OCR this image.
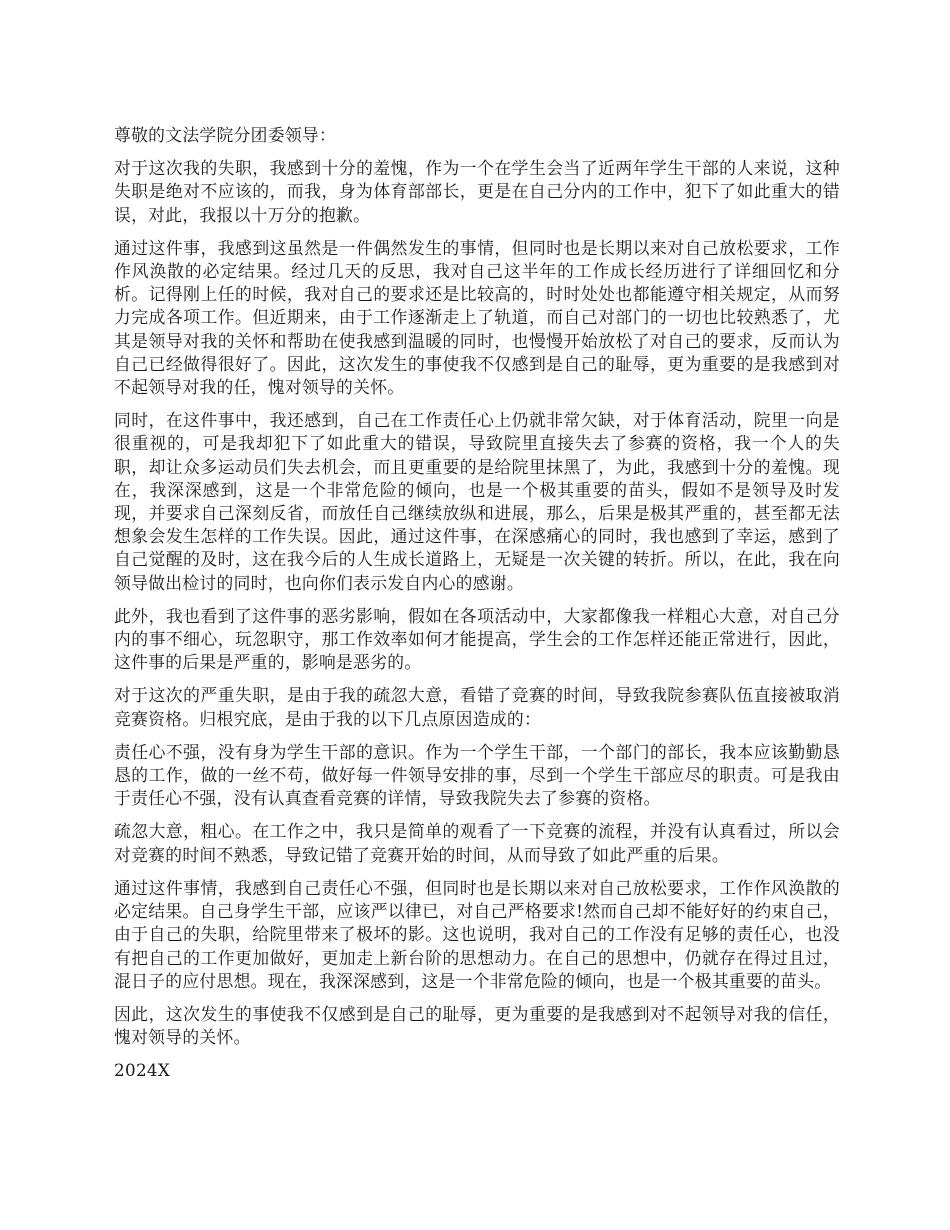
尊敬的文法学院分团委领导：

对于这次我的失职，我感到十分的羞愧，作为一个在学生会当了近两年学生干部的人来说，这种失职是绝对不应该的，而我，身为体育部部长，更是在自己分内的工作中，犯下了如此重大的错误，对此，我报以十万分的抱歉。

通过这件事，我感到这虽然是一件偶然发生的事情，但同时也是长期以来对自己放松要求，工作作风涣散的必定结果。经过几天的反思，我对自己这半年的工作成长经历进行了详细回忆和分析。记得刚上任的时候，我对自己的要求还是比较高的，时时处处也都能遵守相关规定，从而努力完成各项工作。但近期来，由于工作逐渐走上了轨道，而自己对部门的一切也比较熟悉了，尤其是领导对我的关怀和帮助在使我感到温暖的同时，也慢慢开始放松了对自己的要求，反而认为自己已经做得很好了。因此，这次发生的事使我不仅感到是自己的耻辱，更为重要的是我感到对不起领导对我的任，愧对领导的关怀。

同时，在这件事中，我还感到，自己在工作责任心上仍就非常欠缺，对于体育活动，院里一向是很重视的，可是我却犯下了如此重大的错误，导致院里直接失去了参赛的资格，我一个人的失职，却让众多运动员们失去机会，而且更重要的是给院里抹黑了，为此，我感到十分的羞愧。现在，我深深感到，这是一个非常危险的倾向，也是一个极其重要的苗头，假如不是领导及时发现，并要求自己深刻反省，而放任自己继续放纵和进展，那么，后果是极其严重的，甚至都无法想象会发生怎样的工作失误。因此，通过这件事，在深感痛心的同时，我也感到了幸运，感到了自己觉醒的及时，这在我今后的人生成长道路上，无疑是一次关键的转折。所以，在此，我在向领导做出检讨的同时，也向你们表示发自内心的感谢。

此外，我也看到了这件事的恶劣影响，假如在各项活动中，大家都像我一样粗心大意，对自己分内的事不细心，玩忽职守，那工作效率如何才能提高，学生会的工作怎样还能正常进行，因此，这件事的后果是严重的，影响是恶劣的。

对于这次的严重失职，是由于我的疏忽大意，看错了竞赛的时间，导致我院参赛队伍直接被取消竞赛资格。归根究底，是由于我的以下几点原因造成的：

责任心不强，没有身为学生干部的意识。作为一个学生干部，一个部门的部长，我本应该勤勤恳恳的工作，做的一丝不苟，做好每一件领导安排的事，尽到一个学生干部应尽的职责。可是我由于责任心不强，没有认真查看竞赛的详情，导致我院失去了参赛的资格。

疏忽大意，粗心。在工作之中，我只是简单的观看了一下竞赛的流程，并没有认真看过，所以会对竞赛的时间不熟悉，导致记错了竞赛开始的时间，从而导致了如此严重的后果。

通过这件事情，我感到自己责任心不强，但同时也是长期以来对自己放松要求，工作作风涣散的必定结果。自己身学生干部，应该严以律已，对自己严格要求!然而自己却不能好好的约束自己，由于自己的失职，给院里带来了极坏的影。这也说明，我对自己的工作没有足够的责任心，也没有把自己的工作更加做好，更加走上新台阶的思想动力。在自己的思想中，仍就存在得过且过，混日子的应付思想。现在，我深深感到，这是一个非常危险的倾向，也是一个极其重要的苗头。

因此，这次发生的事使我不仅感到是自己的耻辱，更为重要的是我感到对不起领导对我的信任，愧对领导的关怀。

2024X
